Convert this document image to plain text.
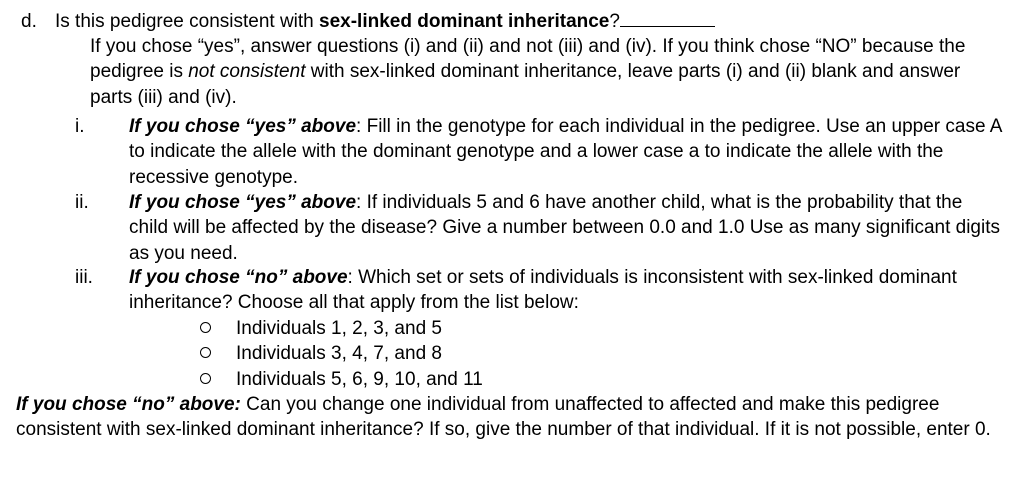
d. Is this pedigree consistent with sex-linked dominant inheritance?

If you chose “yes”, answer questions (i) and (ii) and not (iii) and (iv). If you think chose “NO” because the pedigree is not consistent with sex-linked dominant inheritance, leave parts (i) and (ii) blank and answer parts (iii) and (iv).

i.	If you chose “yes” above: Fill in the genotype for each individual in the pedigree. Use an upper case A to indicate the allele with the dominant genotype and a lower case a to indicate the allele with the recessive genotype.
ii.	If you chose “yes” above: If individuals 5 and 6 have another child, what is the probability that the child will be affected by the disease? Give a number between 0.0 and 1.0 Use as many significant digits as you need.
iii.	If you chose “no” above: Which set or sets of individuals is inconsistent with sex-linked dominant inheritance? Choose all that apply from the list below:
Individuals 1, 2, 3, and 5
Individuals 3, 4, 7, and 8
Individuals 5, 6, 9, 10, and 11

If you chose “no” above: Can you change one individual from unaffected to affected and make this pedigree consistent with sex-linked dominant inheritance? If so, give the number of that individual. If it is not possible, enter 0.
